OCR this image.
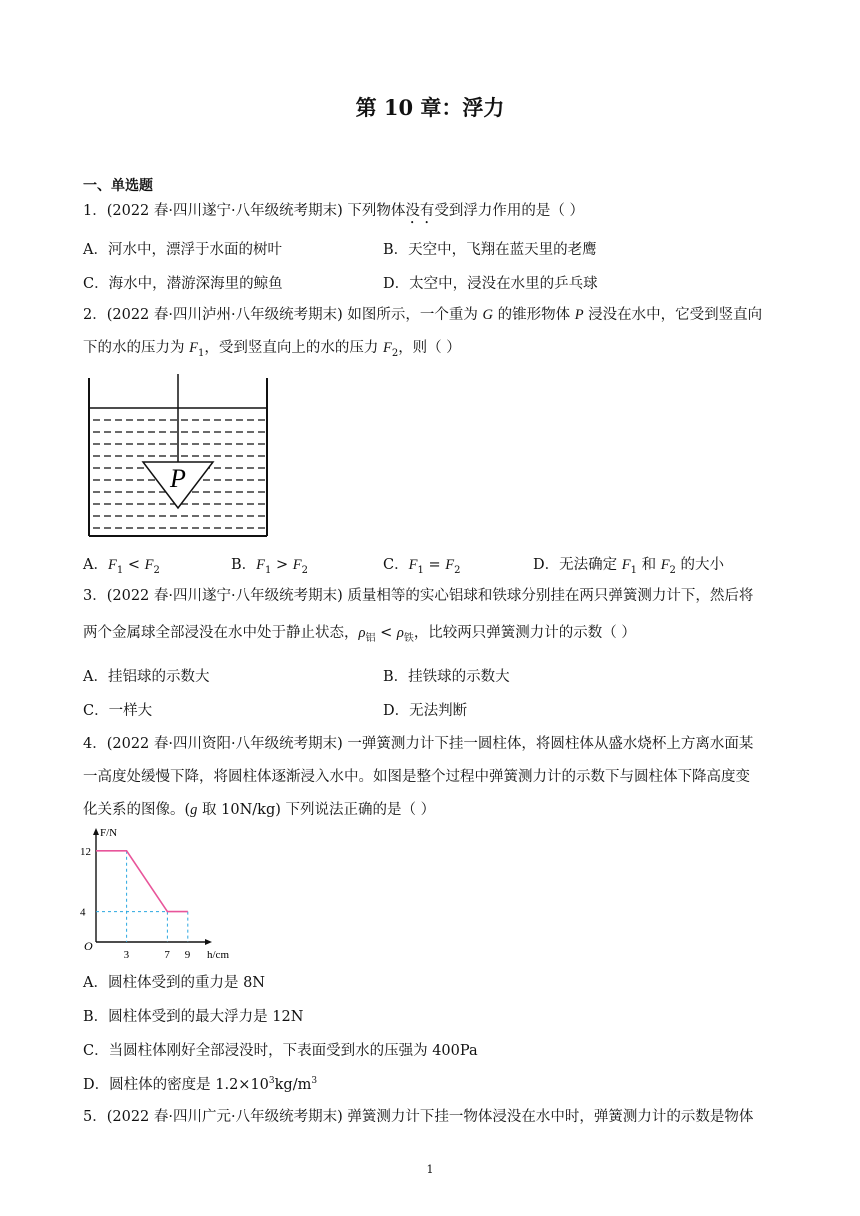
第 10 章：浮力
一、单选题
1．(2022 春·四川遂宁·八年级统考期末) 下列物体没有受到浮力作用的是（ ）
A．河水中，漂浮于水面的树叶	B．天空中，飞翔在蓝天里的老鹰
C．海水中，潜游深海里的鲸鱼	D．太空中，浸没在水里的乒乓球
2．(2022 春·四川泸州·八年级统考期末) 如图所示，一个重为 G 的锥形物体 P 浸没在水中，它受到竖直向
下的水的压力为 $F_1$，受到竖直向上的水的压力 $F_2$，则（ ）
P
A．$F_1 < F_2$	B．$F_1 > F_2$	C．$F_1 = F_2$	D．无法确定 $F_1$ 和 $F_2$ 的大小
3．(2022 春·四川遂宁·八年级统考期末) 质量相等的实心铝球和铁球分别挂在两只弹簧测力计下，然后将
两个金属球全部浸没在水中处于静止状态，$\rho_铝 < \rho_铁$，比较两只弹簧测力计的示数（ ）
A．挂铝球的示数大	B．挂铁球的示数大
C．一样大	D．无法判断
4．(2022 春·四川资阳·八年级统考期末) 一弹簧测力计下挂一圆柱体，将圆柱体从盛水烧杯上方离水面某
一高度处缓慢下降，将圆柱体逐渐浸入水中。如图是整个过程中弹簧测力计的示数下与圆柱体下降高度变
化关系的图像。(g 取 10N/kg) 下列说法正确的是（ ）
3	7 9
12
4
O
F/N
h/cm
A．圆柱体受到的重力是 8N
B．圆柱体受到的最大浮力是 12N
C．当圆柱体刚好全部浸没时，下表面受到水的压强为 400Pa
D．圆柱体的密度是 $1.2\times 10^3kg/m^3$
5．(2022 春·四川广元·八年级统考期末) 弹簧测力计下挂一物体浸没在水中时，弹簧测力计的示数是物体
1
